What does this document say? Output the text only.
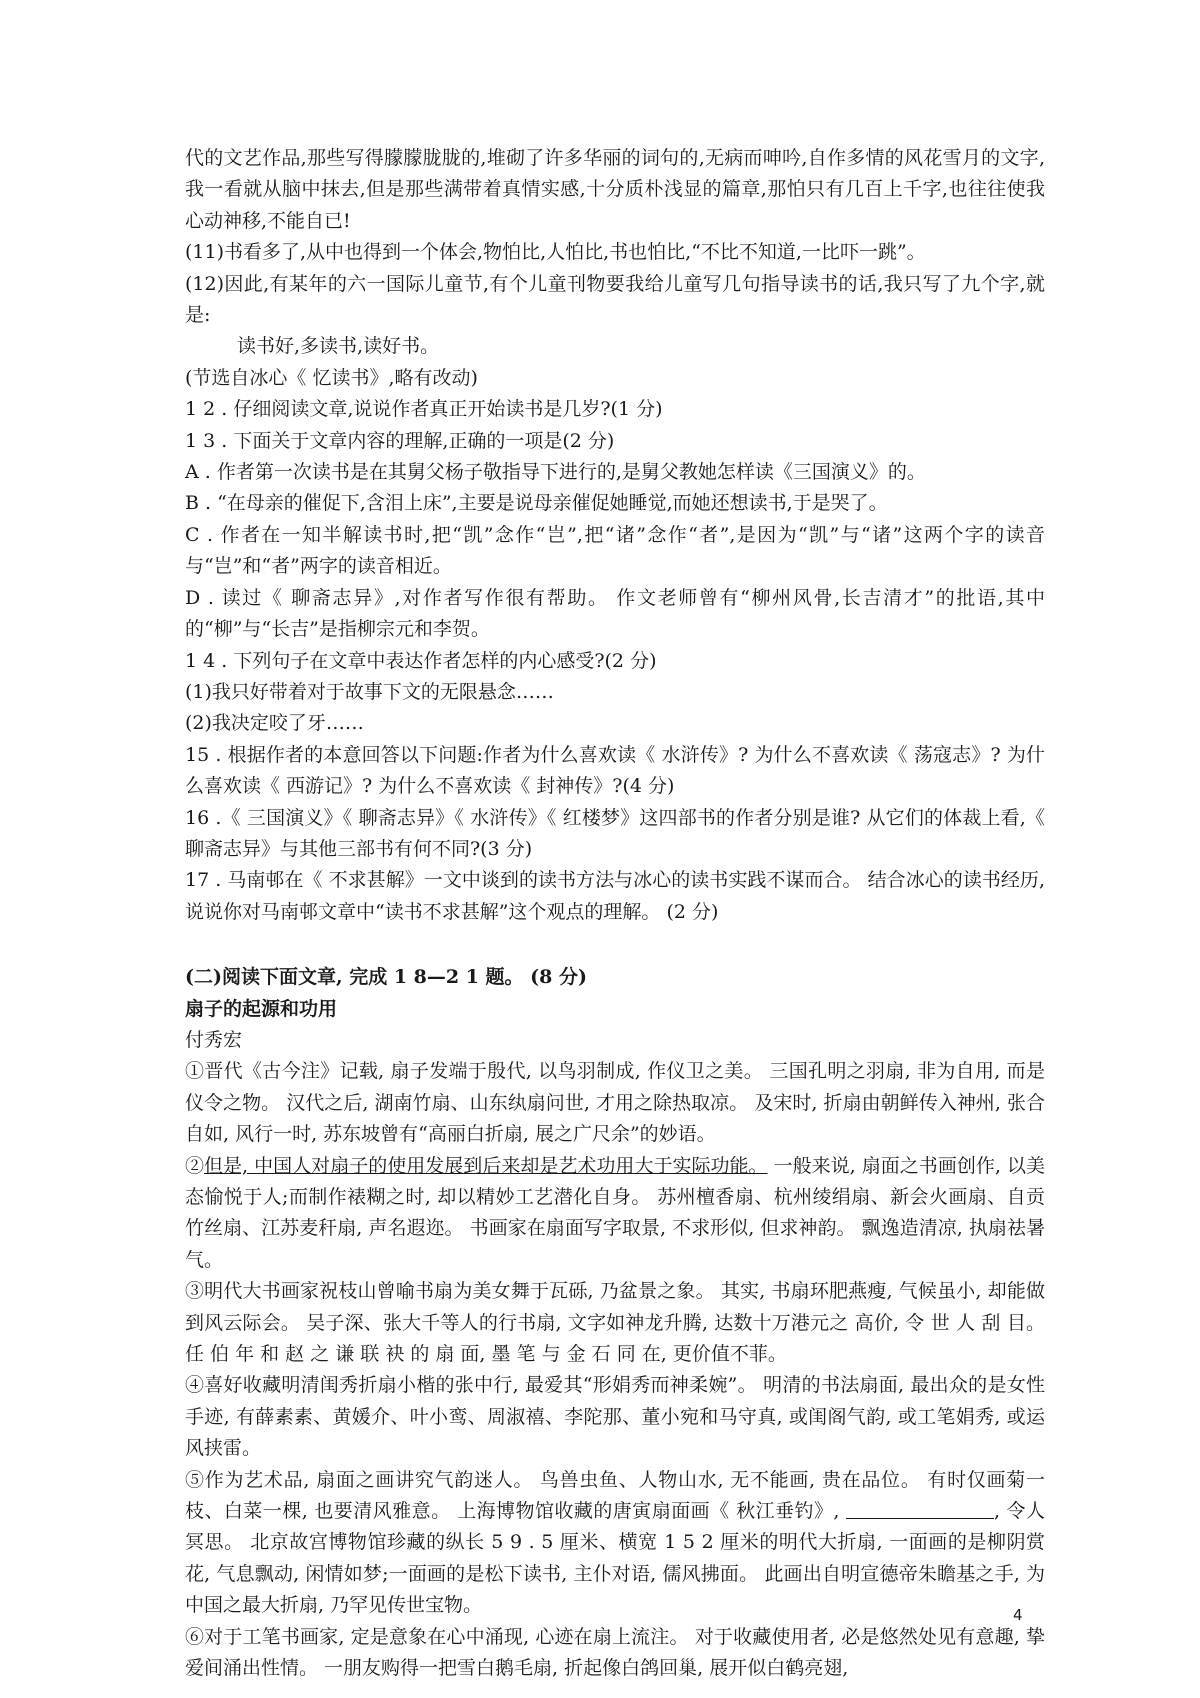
代的文艺作品,那些写得朦朦胧胧的,堆砌了许多华丽的词句的,无病而呻吟,自作多情的风花雪月的文字,我一看就从脑中抹去,但是那些满带着真情实感,十分质朴浅显的篇章,那怕只有几百上千字,也往往使我心动神移,不能自已!

(11)书看多了,从中也得到一个体会,物怕比,人怕比,书也怕比,“不比不知道,一比吓一跳”。

(12)因此,有某年的六一国际儿童节,有个儿童刊物要我给儿童写几句指导读书的话,我只写了九个字,就是:

读书好,多读书,读好书。

(节选自冰心《 忆读书》,略有改动)

1 2 . 仔细阅读文章,说说作者真正开始读书是几岁?(1 分)

1 3 . 下面关于文章内容的理解,正确的一项是(2 分)

A . 作者第一次读书是在其舅父杨子敬指导下进行的,是舅父教她怎样读《三国演义》的。

B . “在母亲的催促下,含泪上床”,主要是说母亲催促她睡觉,而她还想读书,于是哭了。

C . 作者在一知半解读书时,把“凯”念作“岂”,把“诸”念作“者”,是因为“凯”与“诸”这两个字的读音与“岂”和“者”两字的读音相近。

D . 读过《 聊斋志异》,对作者写作很有帮助。 作文老师曾有“柳州风骨,长吉清才”的批语,其中的“柳”与“长吉”是指柳宗元和李贺。

1 4 . 下列句子在文章中表达作者怎样的内心感受?(2 分)

(1)我只好带着对于故事下文的无限悬念……

(2)我决定咬了牙……

15 . 根据作者的本意回答以下问题:作者为什么喜欢读《 水浒传》? 为什么不喜欢读《 荡寇志》? 为什么喜欢读《 西游记》? 为什么不喜欢读《 封神传》?(4 分)

16 .《 三国演义》《 聊斋志异》《 水浒传》《 红楼梦》这四部书的作者分别是谁? 从它们的体裁上看,《 聊斋志异》与其他三部书有何不同?(3 分)

17 . 马南邨在《 不求甚解》一文中谈到的读书方法与冰心的读书实践不谋而合。 结合冰心的读书经历,说说你对马南邨文章中“读书不求甚解”这个观点的理解。 (2 分)

(二)阅读下面文章, 完成 1 8—2 1 题。 (8 分)

扇子的起源和功用

付秀宏

①晋代《古今注》记载, 扇子发端于殷代, 以鸟羽制成, 作仪卫之美。 三国孔明之羽扇, 非为自用, 而是仪令之物。 汉代之后, 湖南竹扇、山东纨扇问世, 才用之除热取凉。 及宋时, 折扇由朝鲜传入神州, 张合自如, 风行一时, 苏东坡曾有“高丽白折扇, 展之广尺余”的妙语。

②但是, 中国人对扇子的使用发展到后来却是艺术功用大于实际功能。 一般来说, 扇面之书画创作, 以美态愉悦于人;而制作裱糊之时, 却以精妙工艺潜化自身。 苏州檀香扇、杭州绫绢扇、新会火画扇、自贡竹丝扇、江苏麦秆扇, 声名遐迩。 书画家在扇面写字取景, 不求形似, 但求神韵。 飘逸造清凉, 执扇祛暑气。

③明代大书画家祝枝山曾喻书扇为美女舞于瓦砾, 乃盆景之象。 其实, 书扇环肥燕瘦, 气候虽小, 却能做到风云际会。 吴子深、张大千等人的行书扇, 文字如神龙升腾, 达数十万港元之 高价, 令 世 人 刮 目。 任 伯 年 和 赵 之 谦 联 袂 的 扇 面, 墨 笔 与 金 石 同 在, 更价值不菲。

④喜好收藏明清闺秀折扇小楷的张中行, 最爱其“形娟秀而神柔婉”。 明清的书法扇面, 最出众的是女性手迹, 有薛素素、黄媛介、叶小鸾、周淑禧、李陀那、董小宛和马守真, 或闺阁气韵, 或工笔娟秀, 或运风挟雷。

⑤作为艺术品, 扇面之画讲究气韵迷人。 鸟兽虫鱼、人物山水, 无不能画, 贵在品位。 有时仅画菊一枝、白菜一棵, 也要清风雅意。 上海博物馆收藏的唐寅扇面画《 秋江垂钓》,	, 令人冥思。 北京故宫博物馆珍藏的纵长 5 9 . 5 厘米、横宽 1 5 2 厘米的明代大折扇, 一面画的是柳阴赏花, 气息飘动, 闲情如梦;一面画的是松下读书, 主仆对语, 儒风拂面。 此画出自明宣德帝朱瞻基之手, 为中国之最大折扇, 乃罕见传世宝物。

⑥对于工笔书画家, 定是意象在心中涌现, 心迹在扇上流注。 对于收藏使用者, 必是悠然处见有意趣, 挚爱间涌出性情。 一朋友购得一把雪白鹅毛扇, 折起像白鸽回巢, 展开似白鹤亮翅,

4
